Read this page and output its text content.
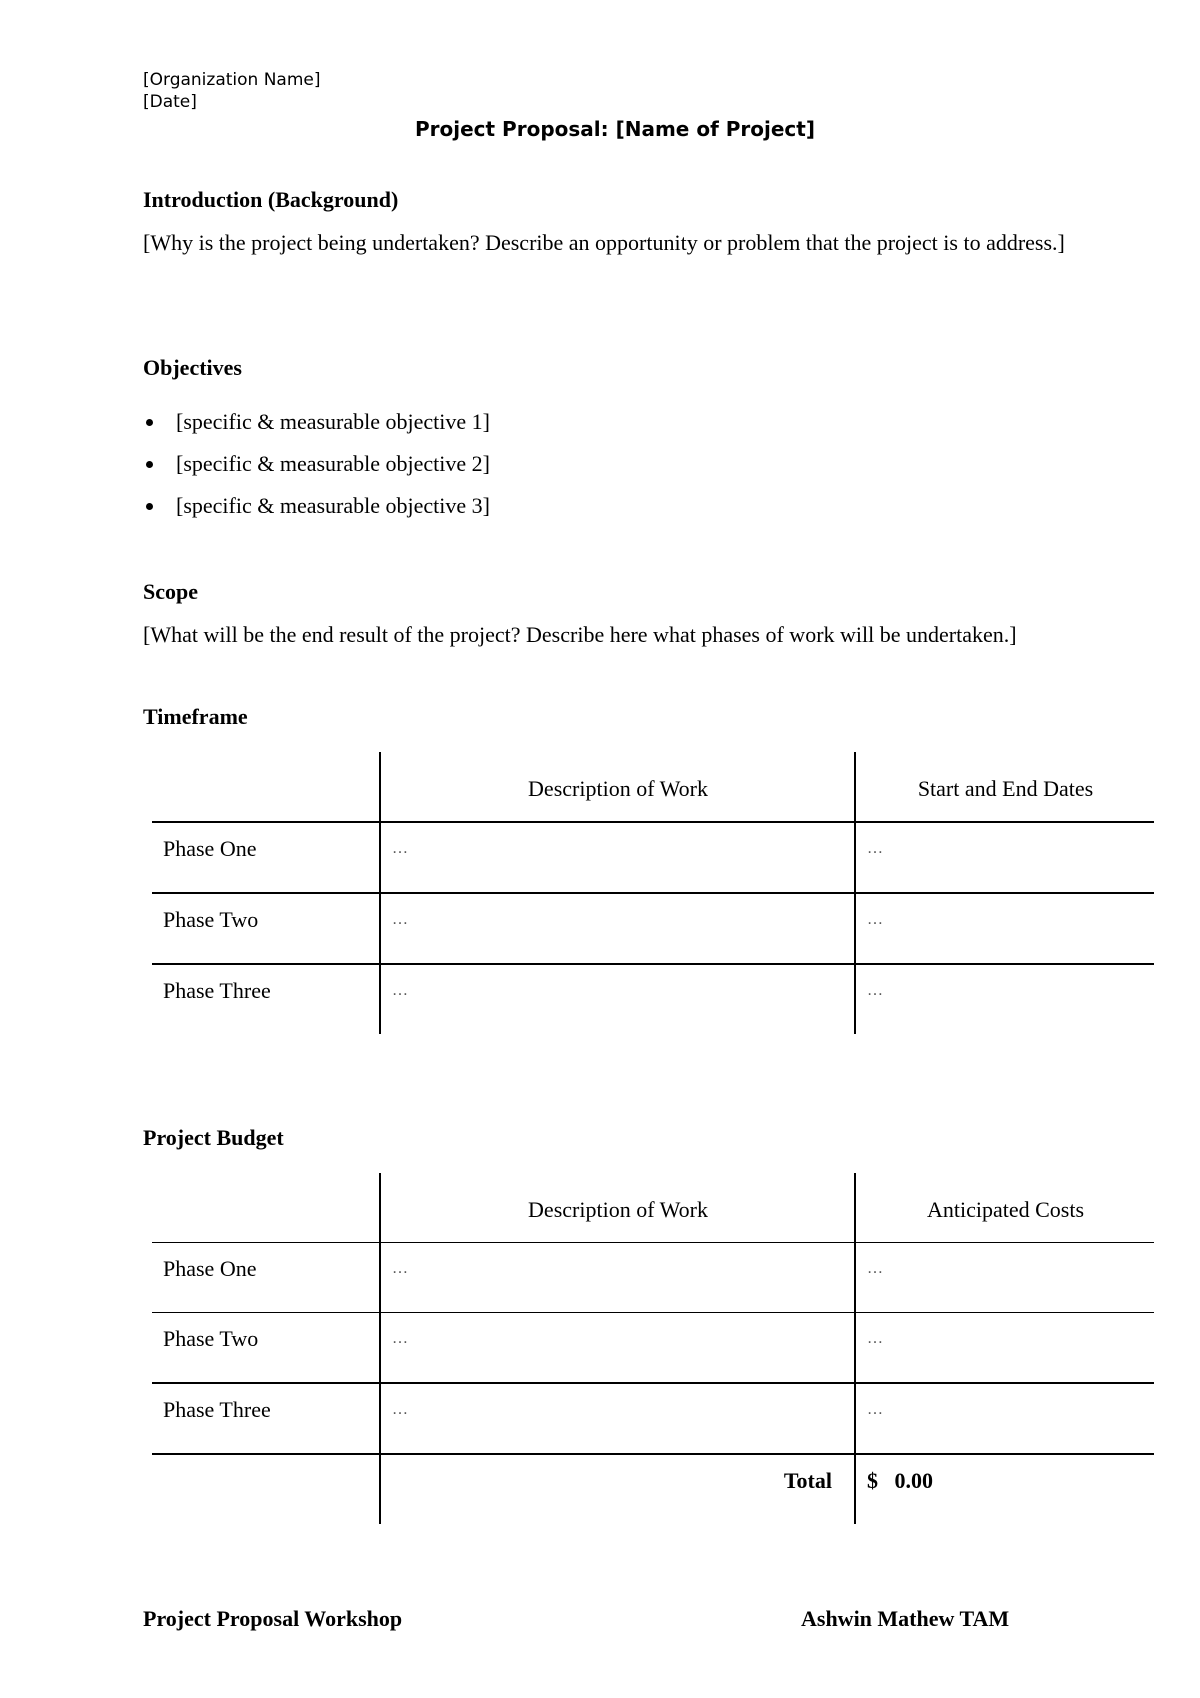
[Organization Name]
[Date]
Project Proposal: [Name of Project]
Introduction (Background)
[Why is the project being undertaken? Describe an opportunity or problem that the project is to address.]
Objectives
[specific & measurable objective 1]
[specific & measurable objective 2]
[specific & measurable objective 3]
Scope
[What will be the end result of the project? Describe here what phases of work will be undertaken.]
Timeframe

	Description of Work	Start and End Dates

Phase One	…	…

Phase Two	…	…

Phase Three	…	…
Project Budget

	Description of Work	Anticipated Costs

Phase One	…	…

Phase Two	…	…

Phase Three	…	…

	Total	$   0.00
Project Proposal Workshop	Ashwin Mathew TAM
